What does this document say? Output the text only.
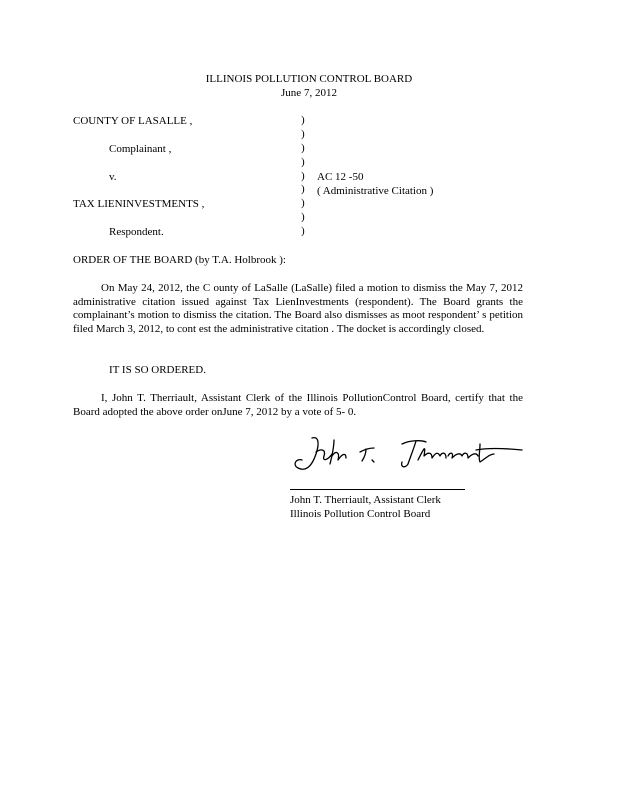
ILLINOIS POLLUTION CONTROL BOARD
June 7, 2012
COUNTY OF LASALLE ,
Complainant ,
v.
TAX LIENINVESTMENTS ,
Respondent.
)
)
)
)
)
)
)
)
)
AC 12 -50
( Administrative Citation )
ORDER OF THE BOARD (by T.A. Holbrook ):
On May 24, 2012, the C ounty of LaSalle (LaSalle) filed a motion to dismiss the May 7, 2012 administrative citation issued against Tax LienInvestments (respondent). The Board grants the complainant’s motion to dismiss the citation. The Board also dismisses as moot respondent’ s petition filed March 3, 2012, to cont est the administrative citation . The docket is accordingly closed.
IT IS SO ORDERED.
I, John T. Therriault, Assistant Clerk of the Illinois PollutionControl Board, certify that the Board adopted the above order onJune 7, 2012 by a vote of 5- 0.
John T. Therriault, Assistant Clerk
Illinois Pollution Control Board
